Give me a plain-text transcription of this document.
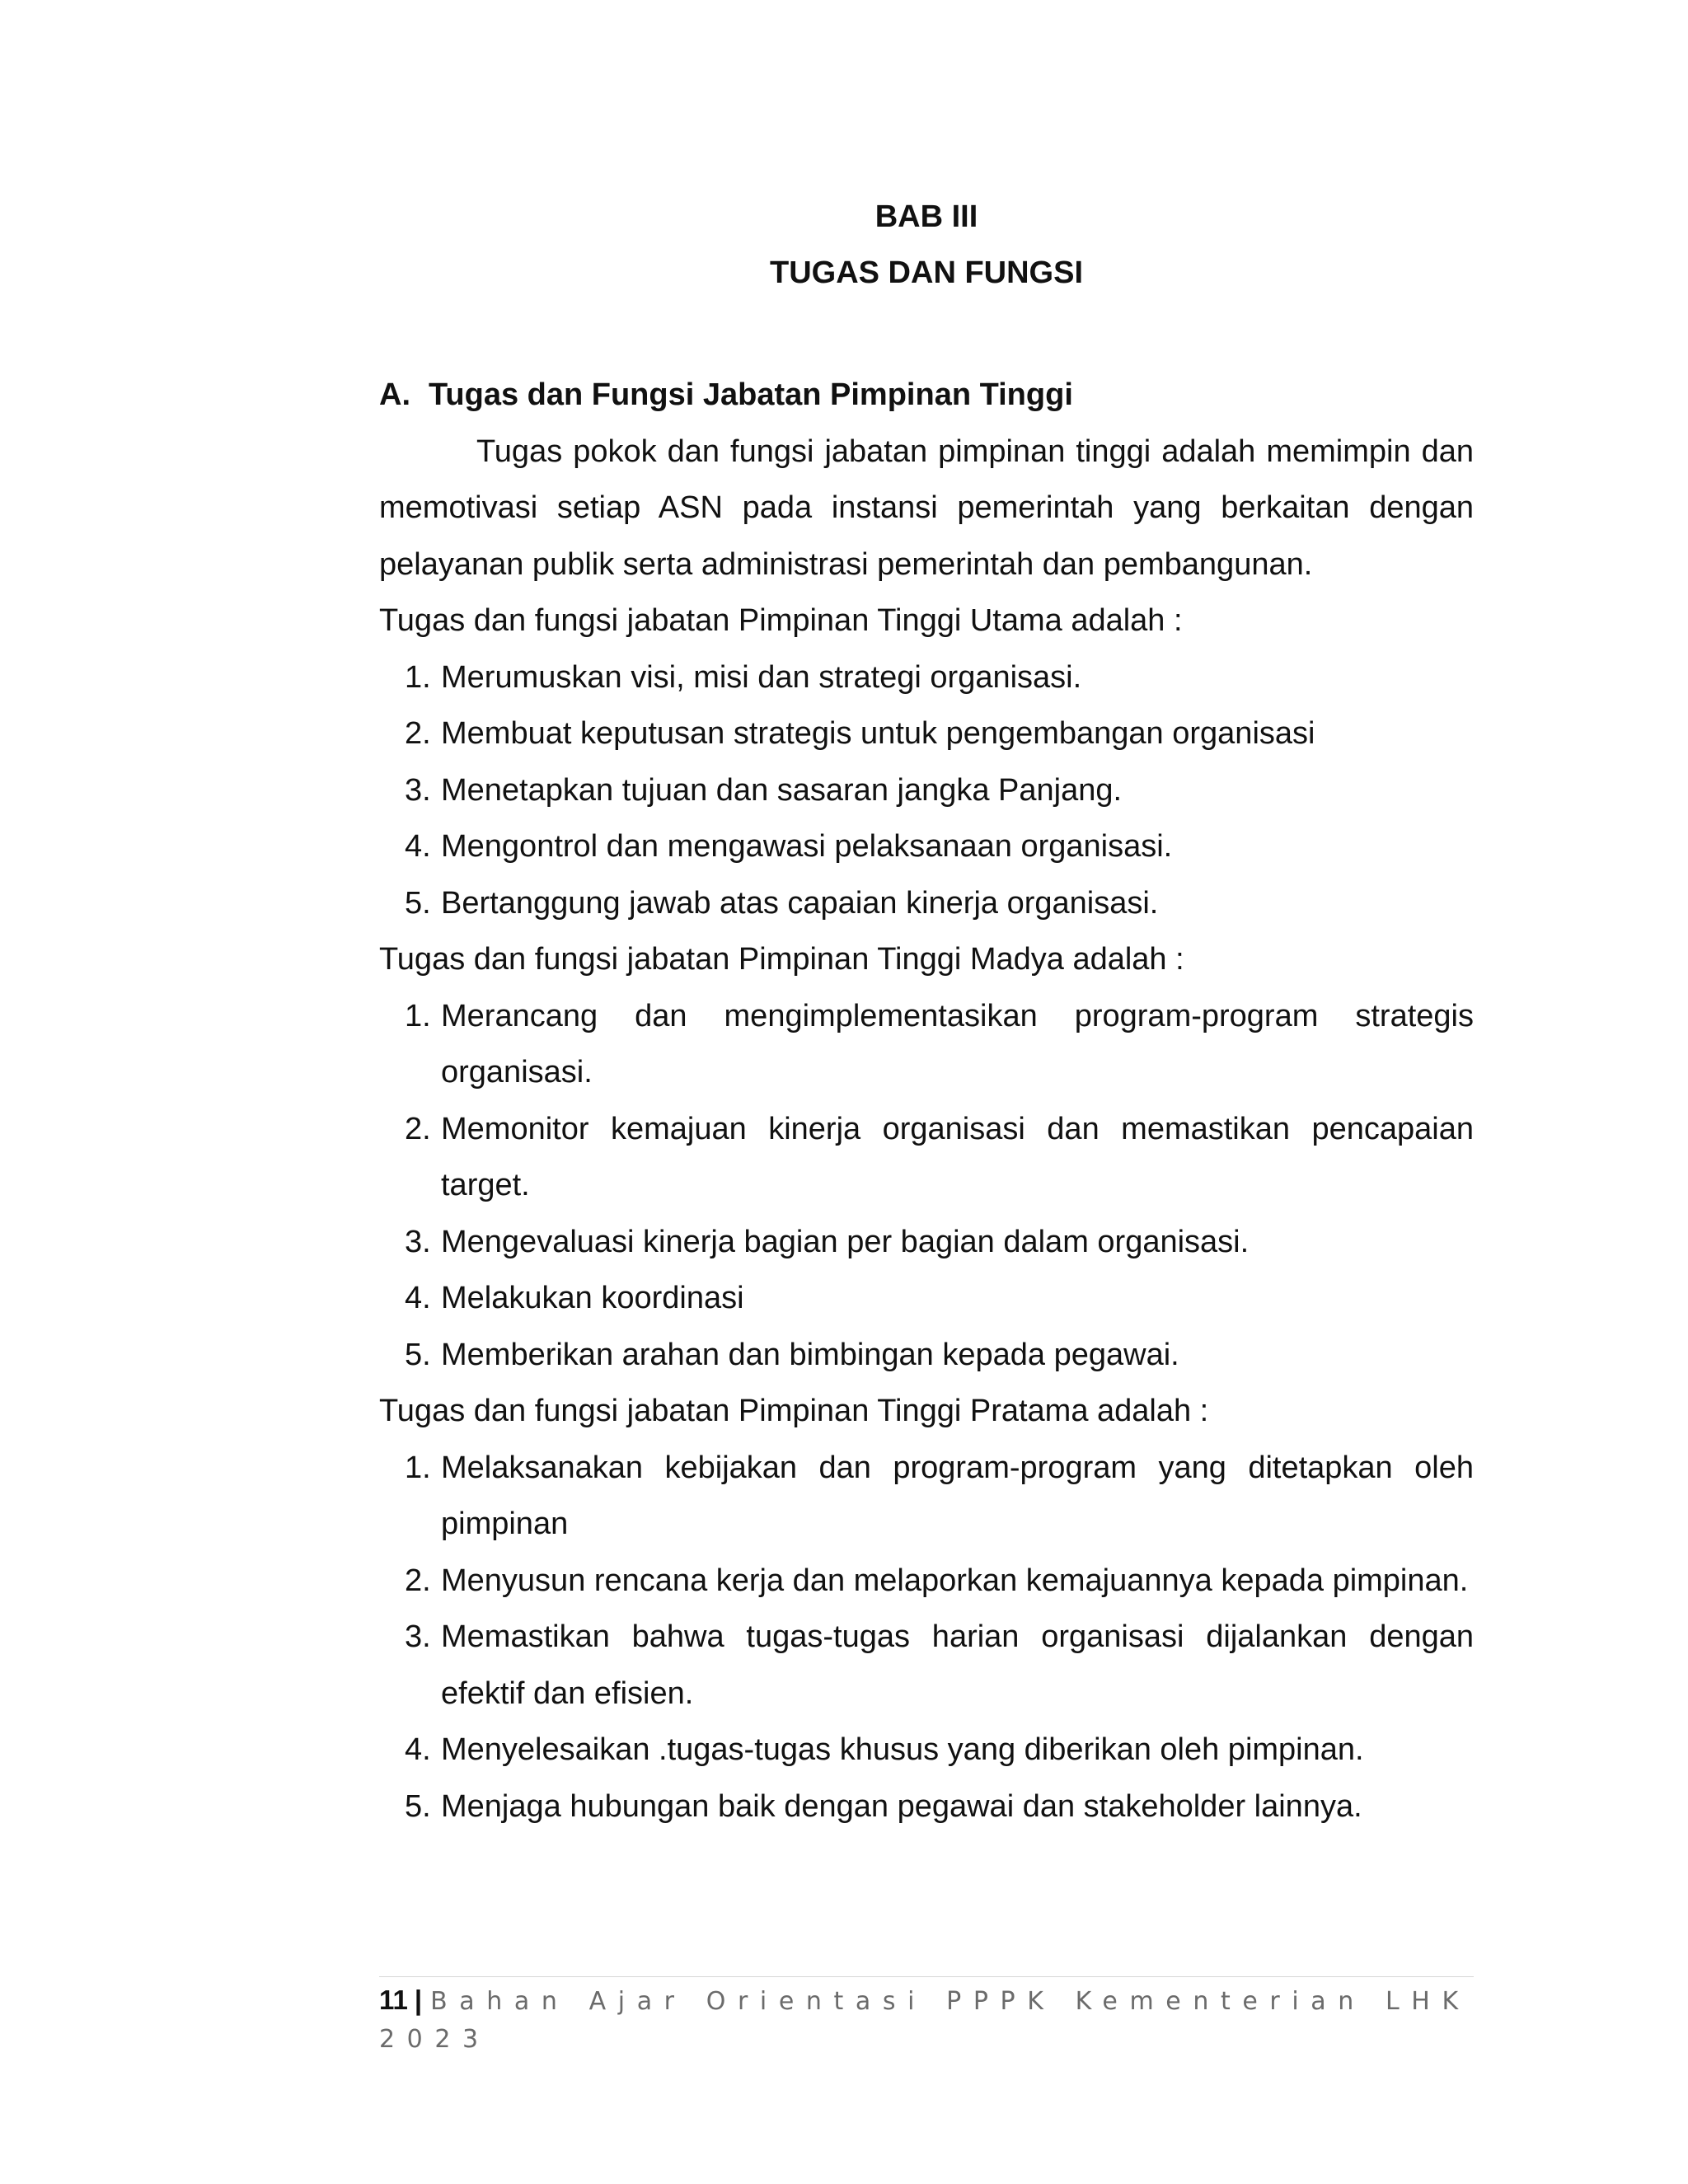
BAB III
TUGAS DAN FUNGSI

A. Tugas dan Fungsi Jabatan Pimpinan Tinggi

Tugas pokok dan fungsi jabatan pimpinan tinggi adalah memimpin dan memotivasi setiap ASN pada instansi pemerintah yang berkaitan dengan pelayanan publik serta administrasi pemerintah dan pembangunan.

Tugas dan fungsi jabatan Pimpinan Tinggi Utama adalah :

1. Merumuskan visi, misi dan strategi organisasi.
2. Membuat keputusan strategis untuk pengembangan organisasi
3. Menetapkan tujuan dan sasaran jangka Panjang.
4. Mengontrol dan mengawasi pelaksanaan organisasi.
5. Bertanggung jawab atas capaian kinerja organisasi.

Tugas dan fungsi jabatan Pimpinan Tinggi Madya adalah :

1. Merancang dan mengimplementasikan program-program strategis organisasi.
2. Memonitor kemajuan kinerja organisasi dan memastikan pencapaian target.
3. Mengevaluasi kinerja bagian per bagian dalam organisasi.
4. Melakukan koordinasi
5. Memberikan arahan dan bimbingan kepada pegawai.

Tugas dan fungsi jabatan Pimpinan Tinggi Pratama adalah :

1. Melaksanakan kebijakan dan program-program yang ditetapkan oleh pimpinan
2. Menyusun rencana kerja dan melaporkan kemajuannya kepada pimpinan.
3. Memastikan bahwa tugas-tugas harian organisasi dijalankan dengan efektif dan efisien.
4. Menyelesaikan .tugas-tugas khusus yang diberikan oleh pimpinan.
5. Menjaga hubungan baik dengan pegawai dan stakeholder lainnya.
11 | Bahan Ajar Orientasi PPPK Kementerian LHK 2023
